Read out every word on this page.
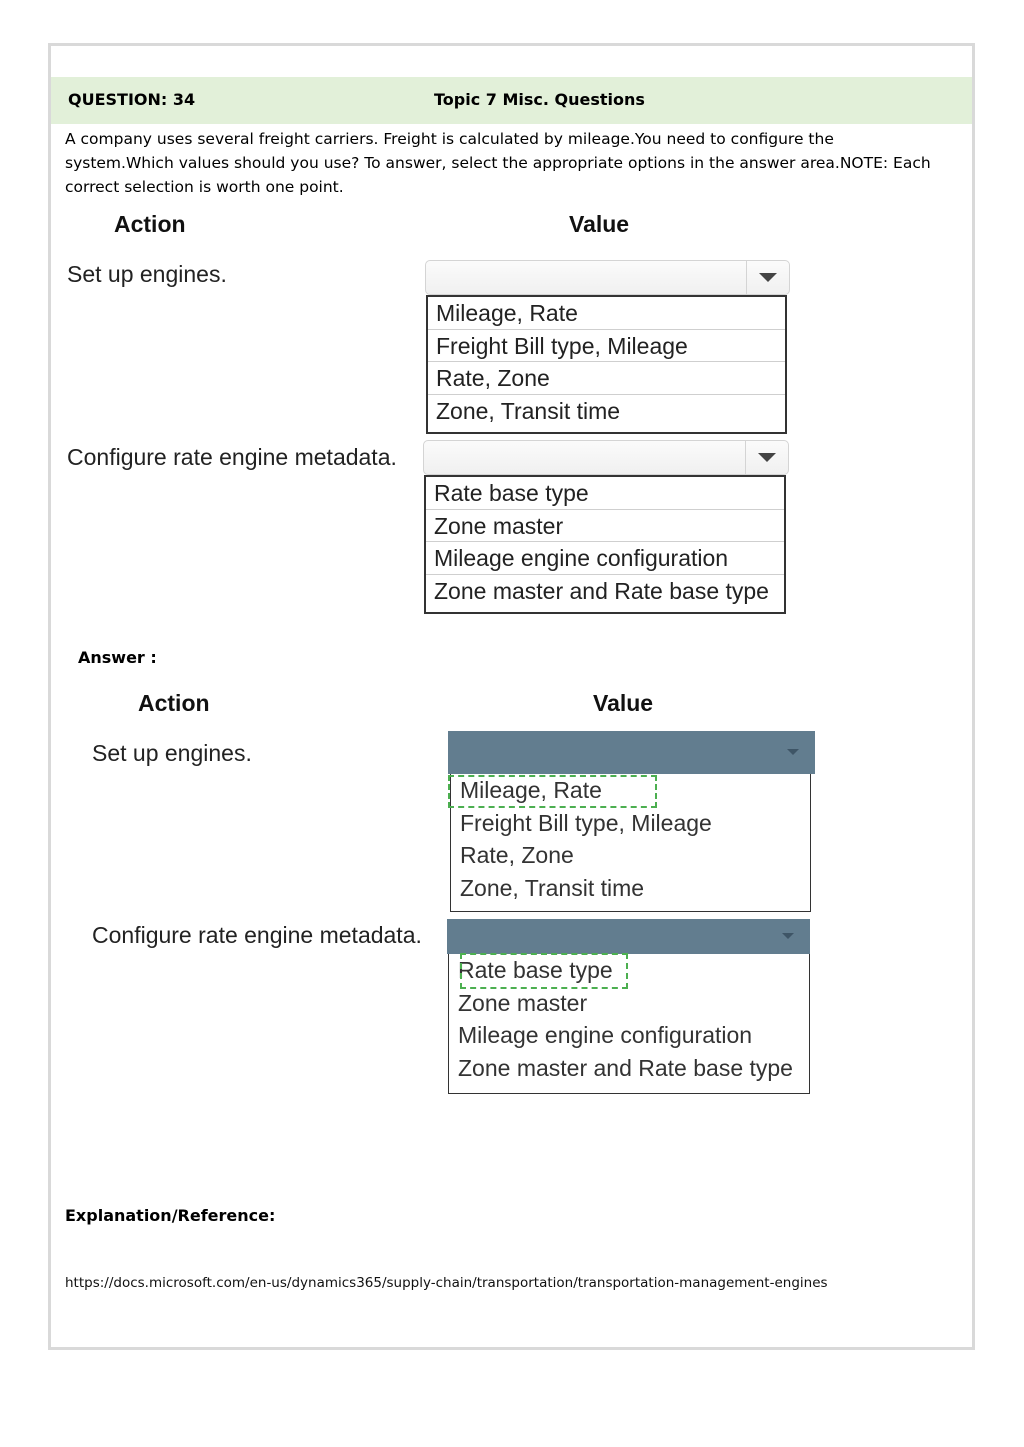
QUESTION: 34	Topic 7 Misc. Questions
A company uses several freight carriers. Freight is calculated by mileage.You need to configure the system.Which values should you use? To answer, select the appropriate options in the answer area.NOTE: Each correct selection is worth one point.
Action	Value
Set up engines.
Mileage, Rate
Freight Bill type, Mileage
Rate, Zone
Zone, Transit time
Configure rate engine metadata.
Rate base type
Zone master
Mileage engine configuration
Zone master and Rate base type
Answer :
Action	Value
Set up engines.
Mileage, Rate
Freight Bill type, Mileage
Rate, Zone
Zone, Transit time
Configure rate engine metadata.
Rate base type
Zone master
Mileage engine configuration
Zone master and Rate base type
Explanation/Reference:
https://docs.microsoft.com/en-us/dynamics365/supply-chain/transportation/transportation-management-engines
